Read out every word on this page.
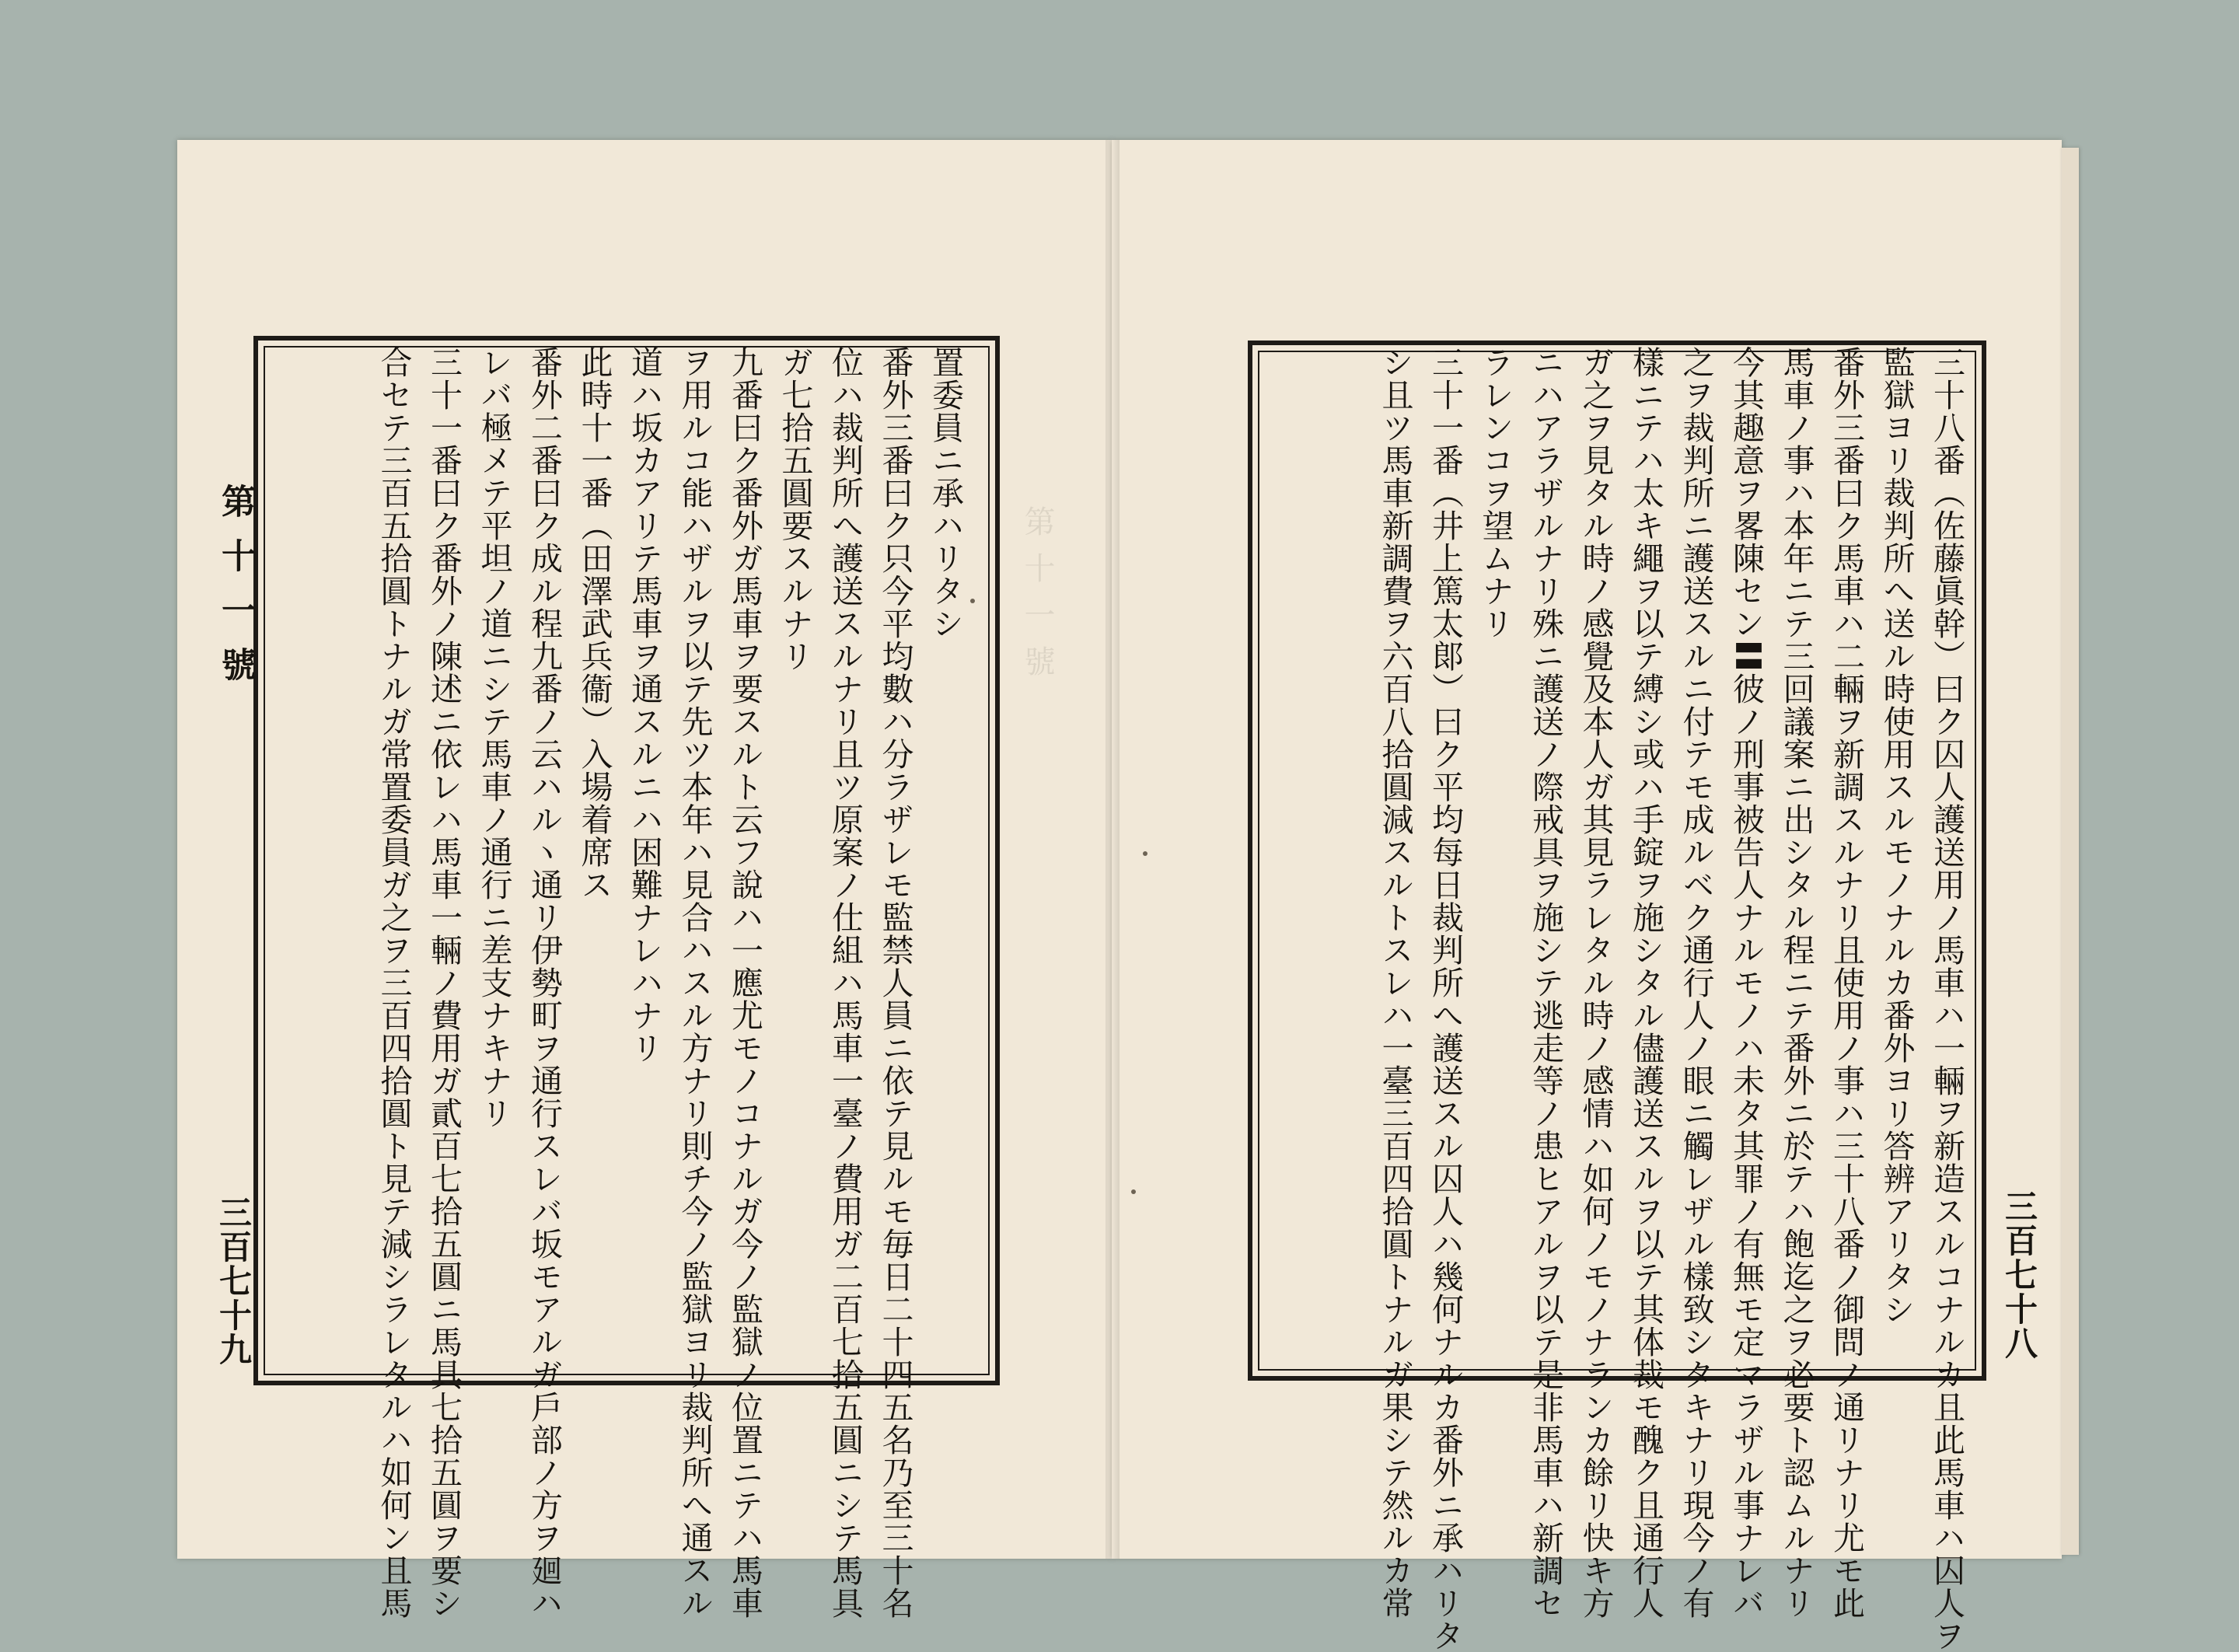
第十一號
第十一號
三百七十九	三百七十八
置委員ニ承ハリタシ
番外三番曰ク只今平均數ハ分ラザレモ監禁人員ニ依テ見ルモ毎日二十四五名乃至三十名
位ハ裁判所へ護送スルナリ且ツ原案ノ仕組ハ馬車一臺ノ費用ガ二百七拾五圓ニシテ馬具
ガ七拾五圓要スルナリ
九番曰ク番外ガ馬車ヲ要スルト云フ說ハ一應尤モノコナルガ今ノ監獄ノ位置ニテハ馬車
ヲ用ルコ能ハザルヲ以テ先ツ本年ハ見合ハスル方ナリ則チ今ノ監獄ヨリ裁判所へ通スル
道ハ坂カアリテ馬車ヲ通スルニハ困難ナレハナリ
此時十一番（田澤武兵衞）入場着席ス
番外二番曰ク成ル程九番ノ云ハルヽ通リ伊勢町ヲ通行スレバ坂モアルガ戶部ノ方ヲ廻ハ
レバ極メテ平坦ノ道ニシテ馬車ノ通行ニ差支ナキナリ
三十一番曰ク番外ノ陳述ニ依レハ馬車一輛ノ費用ガ貳百七拾五圓ニ馬具七拾五圓ヲ要シ
合セテ三百五拾圓トナルガ常置委員ガ之ヲ三百四拾圓ト見テ減シラレタルハ如何ン且馬	三十八番（佐藤眞幹）曰ク囚人護送用ノ馬車ハ一輛ヲ新造スルコナルカ且此馬車ハ囚人ヲ
監獄ヨリ裁判所へ送ル時使用スルモノナルカ番外ヨリ答辨アリタシ
番外三番曰ク馬車ハ二輛ヲ新調スルナリ且使用ノ事ハ三十八番ノ御問ノ通リナリ尤モ此
馬車ノ事ハ本年ニテ三回議案ニ出シタル程ニテ番外ニ於テハ飽迄之ヲ必要ト認ムルナリ
今其趣意ヲ畧陳セン〓彼ノ刑事被告人ナルモノハ未タ其罪ノ有無モ定マラザル事ナレバ
之ヲ裁判所ニ護送スルニ付テモ成ルベク通行人ノ眼ニ觸レザル樣致シタキナリ現今ノ有
樣ニテハ太キ繩ヲ以テ縛シ或ハ手錠ヲ施シタル儘護送スルヲ以テ其体裁モ醜ク且通行人
ガ之ヲ見タル時ノ感覺及本人ガ其見ラレタル時ノ感情ハ如何ノモノナランカ餘リ快キ方
ニハアラザルナリ殊ニ護送ノ際戒具ヲ施シテ逃走等ノ患ヒアルヲ以テ是非馬車ハ新調セ
ラレンコヲ望ムナリ
三十一番（井上篤太郞）曰ク平均每日裁判所へ護送スル囚人ハ幾何ナルカ番外ニ承ハリタ
シ且ツ馬車新調費ヲ六百八拾圓減スルトスレハ一臺三百四拾圓トナルガ果シテ然ルカ常
